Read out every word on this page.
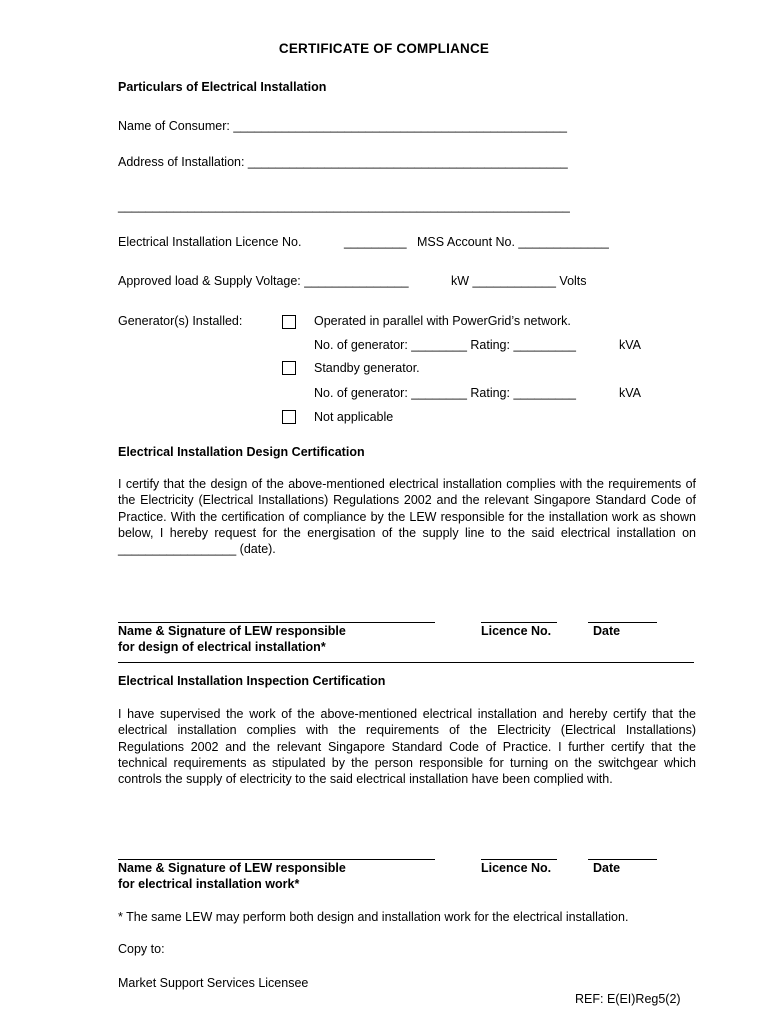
CERTIFICATE OF COMPLIANCE
Particulars of Electrical Installation
Name of Consumer: ________________________________________________
Address of Installation: ______________________________________________
_________________________________________________________________
Electrical Installation Licence No.	_________ MSS Account No. _____________
Approved load & Supply Voltage: _______________	kW ____________ Volts
Generator(s) Installed:	Operated in parallel with PowerGrid’s network.
No. of generator: ________ Rating: _________	kVA
Standby generator.
No. of generator: ________ Rating: _________	kVA
Not applicable
Electrical Installation Design Certification
I certify that the design of the above-mentioned electrical installation complies with the requirements of the Electricity (Electrical Installations) Regulations 2002 and the relevant Singapore Standard Code of Practice. With the certification of compliance by the LEW responsible for the installation work as shown below, I hereby request for the energisation of the supply line to the said electrical installation on _________________ (date).
Name & Signature of LEW responsible
for design of electrical installation*
Licence No.	Date
Electrical Installation Inspection Certification
I have supervised the work of the above-mentioned electrical installation and hereby certify that the electrical installation complies with the requirements of the Electricity (Electrical Installations) Regulations 2002 and the relevant Singapore Standard Code of Practice. I further certify that the technical requirements as stipulated by the person responsible for turning on the switchgear which controls the supply of electricity to the said electrical installation have been complied with.
Name & Signature of LEW responsible
for electrical installation work*
Licence No.	Date
* The same LEW may perform both design and installation work for the electrical installation.
Copy to:
Market Support Services Licensee
REF: E(EI)Reg5(2)
